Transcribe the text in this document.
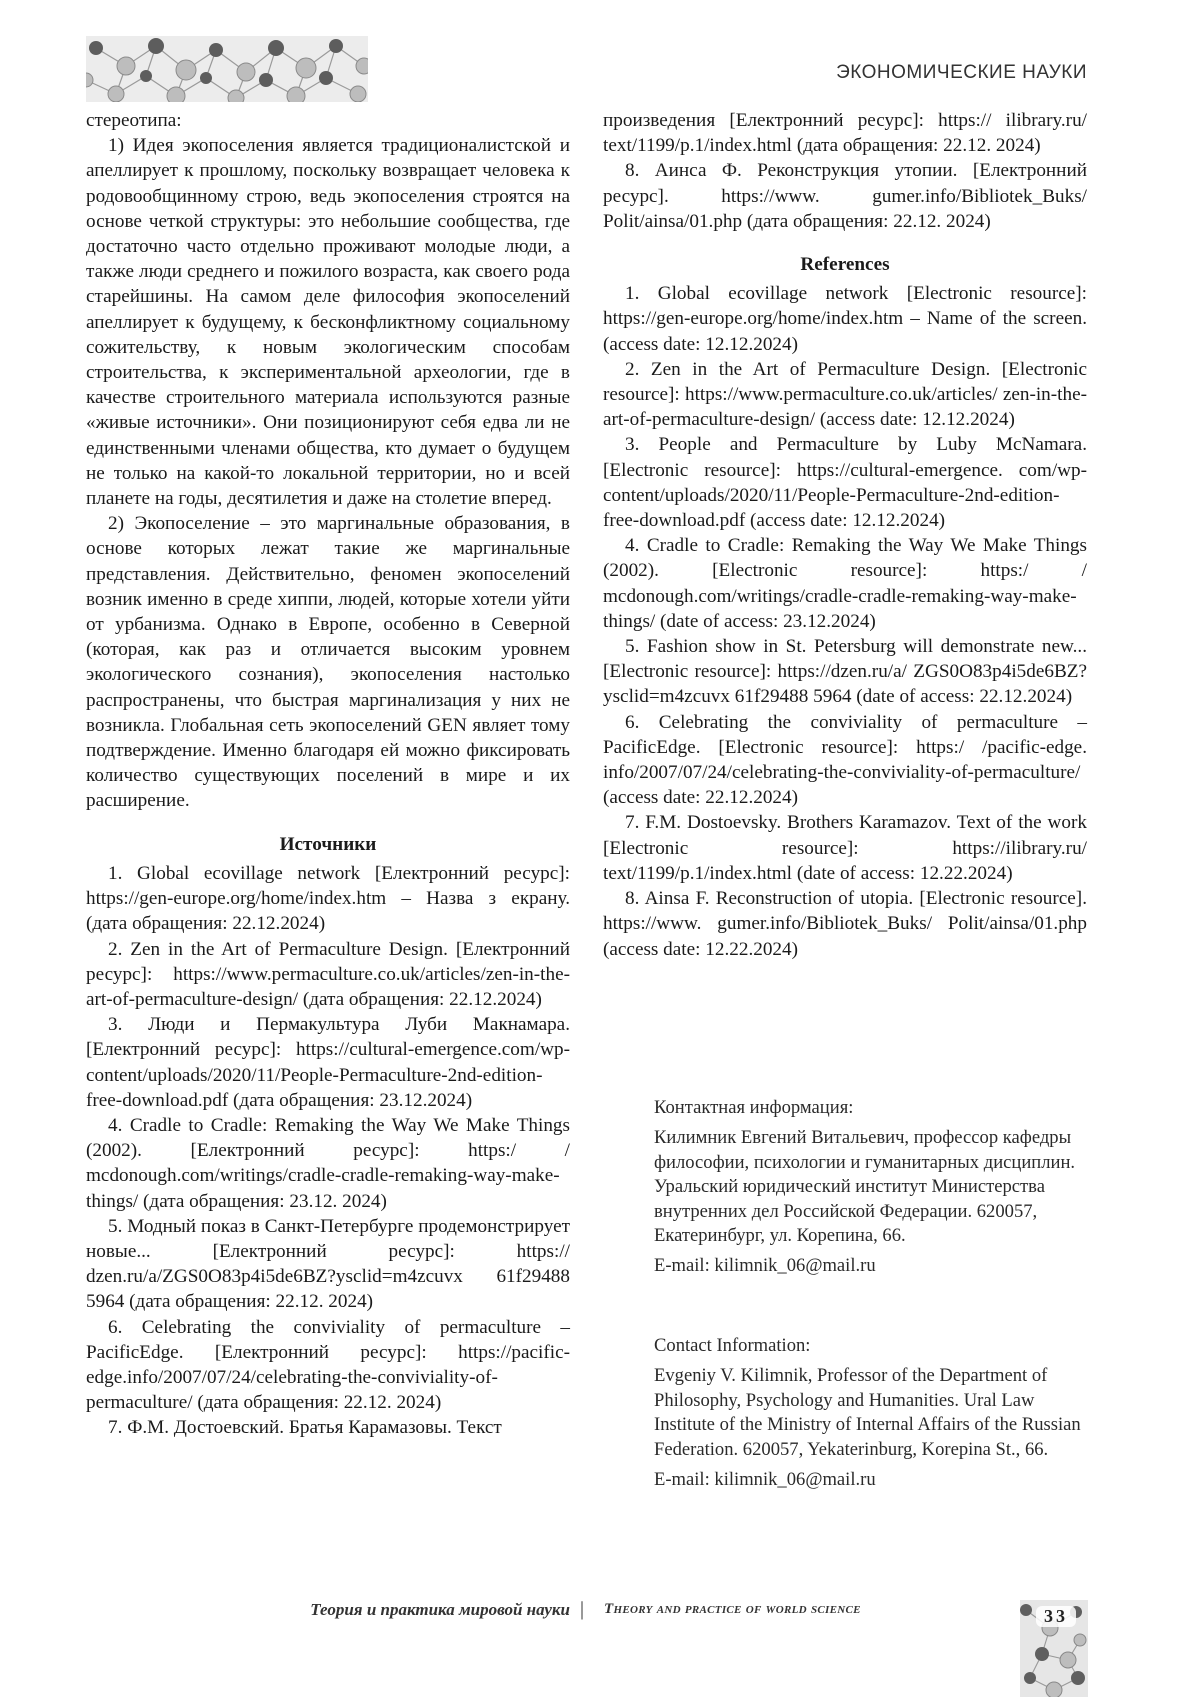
ЭКОНОМИЧЕСКИЕ НАУКИ

стереотипа:

1) Идея экопоселения является традиционалистской и апеллирует к прошлому, поскольку возвращает человека к родовообщинному строю, ведь экопоселения строятся на основе четкой структуры: это небольшие сообщества, где достаточно часто отдельно проживают молодые люди, а также люди среднего и пожилого возраста, как своего рода старейшины. На самом деле философия экопоселений апеллирует к будущему, к бесконфликтному социальному сожительству, к новым экологическим способам строительства, к экспериментальной археологии, где в качестве строительного материала используются разные «живые источники». Они позиционируют себя едва ли не единственными членами общества, кто думает о будущем не только на какой-то локальной территории, но и всей планете на годы, десятилетия и даже на столетие вперед.

2) Экопоселение – это маргинальные образования, в основе которых лежат такие же маргинальные представления. Действительно, феномен экопоселений возник именно в среде хиппи, людей, которые хотели уйти от урбанизма. Однако в Европе, особенно в Северной (которая, как раз и отличается высоким уровнем экологического сознания), экопоселения настолько распространены, что быстрая маргинализация у них не возникла. Глобальная сеть экопоселений GEN являет тому подтверждение. Именно благодаря ей можно фиксировать количество существующих поселений в мире и их расширение.

Источники

1. Global ecovillage network [Електронний ресурс]: https://gen-europe.org/home/index.htm – Назва з екрану. (дата обращения: 22.12.2024)

2. Zen in the Art of Permaculture Design. [Електронний ресурс]: https://www.permaculture.co.uk/articles/zen-in-the-art-of-permaculture-design/ (дата обращения: 22.12.2024)

3. Люди и Пермакультура Луби Макнамара. [Електронний ресурс]: https://cultural-emergence.com/wp-content/uploads/2020/11/People-Permaculture-2nd-edition-free-download.pdf (дата обращения: 23.12.2024)

4. Cradle to Cradle: Remaking the Way We Make Things (2002). [Електронний ресурс]: https:/ / mcdonough.com/writings/cradle-cradle-remaking-way-make-things/ (дата обращения: 23.12. 2024)

5. Модный показ в Санкт-Петербурге продемонстрирует новые... [Електронний ресурс]: https:// dzen.ru/a/ZGS0O83p4i5de6BZ?ysclid=m4zcuvx 61f29488 5964 (дата обращения: 22.12. 2024)

6. Celebrating the conviviality of permaculture – PacificEdge. [Електронний ресурс]: https://pacific-edge.info/2007/07/24/celebrating-the-conviviality-of-permaculture/ (дата обращения: 22.12. 2024)

7. Ф.М. Достоевский. Братья Карамазовы. Текст

произведения [Електронний ресурс]: https:// ilibrary.ru/ text/1199/p.1/index.html (дата обращения: 22.12. 2024)

8. Аинса Ф. Реконструкция утопии. [Електронний ресурс]. https://www. gumer.info/Bibliotek_Buks/ Polit/ainsa/01.php (дата обращения: 22.12. 2024)

References

1. Global ecovillage network [Electronic resource]: https://gen-europe.org/home/index.htm – Name of the screen. (access date: 12.12.2024)

2. Zen in the Art of Permaculture Design. [Electronic resource]: https://www.permaculture.co.uk/articles/ zen-in-the-art-of-permaculture-design/ (access date: 12.12.2024)

3. People and Permaculture by Luby McNamara. [Electronic resource]: https://cultural-emergence. com/wp-content/uploads/2020/11/People-Permaculture-2nd-edition-free-download.pdf (access date: 12.12.2024)

4. Cradle to Cradle: Remaking the Way We Make Things (2002). [Electronic resource]: https:/ / mcdonough.com/writings/cradle-cradle-remaking-way-make-things/ (date of access: 23.12.2024)

5. Fashion show in St. Petersburg will demonstrate new... [Electronic resource]: https://dzen.ru/a/ ZGS0O83p4i5de6BZ?ysclid=m4zcuvx 61f29488 5964 (date of access: 22.12.2024)

6. Celebrating the conviviality of permaculture – PacificEdge. [Electronic resource]: https:/ /pacific-edge. info/2007/07/24/celebrating-the-conviviality-of-permaculture/ (access date: 22.12.2024)

7. F.M. Dostoevsky. Brothers Karamazov. Text of the work [Electronic resource]: https://ilibrary.ru/ text/1199/p.1/index.html (date of access: 12.22.2024)

8. Ainsa F. Reconstruction of utopia. [Electronic resource]. https://www. gumer.info/Bibliotek_Buks/ Polit/ainsa/01.php (access date: 12.22.2024)

Контактная информация:

Килимник Евгений Витальевич, профессор кафедры философии, психологии и гуманитарных дисциплин. Уральский юридический институт Министерства внутренних дел Российской Федерации. 620057, Екатеринбург, ул. Корепина, 66.

E-mail: kilimnik_06@mail.ru

Contact Information:

Evgeniy V. Kilimnik, Professor of the Department of Philosophy, Psychology and Humanities. Ural Law Institute of the Ministry of Internal Affairs of the Russian Federation. 620057, Yekaterinburg, Korepina St., 66.

E-mail: kilimnik_06@mail.ru

Теория и практика мировой науки | Theory and practice of world science	33
